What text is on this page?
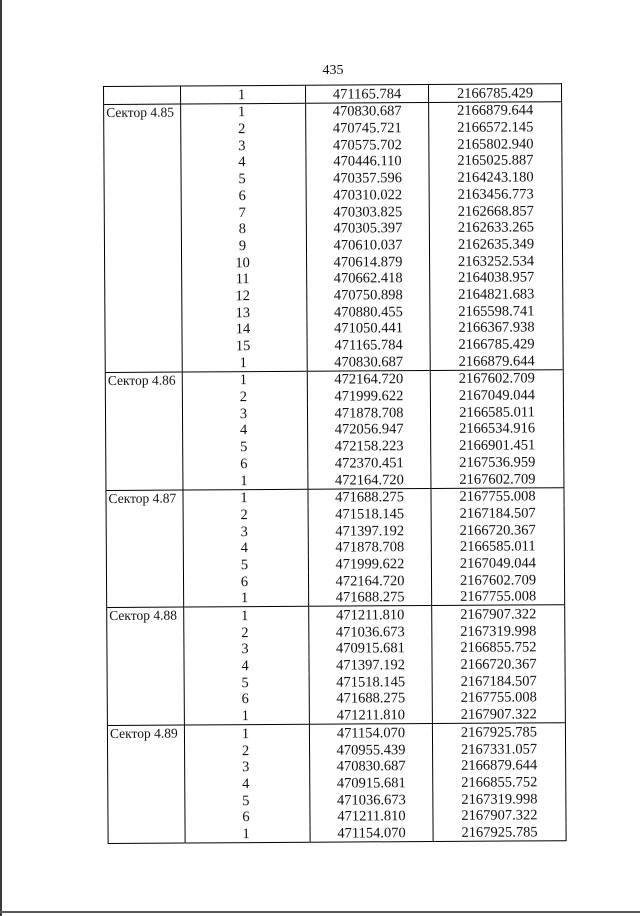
435
	1	471165.784	2166785.429
Сектор 4.85	1	470830.687	2166879.644
	2	470745.721	2166572.145
	3	470575.702	2165802.940
	4	470446.110	2165025.887
	5	470357.596	2164243.180
	6	470310.022	2163456.773
	7	470303.825	2162668.857
	8	470305.397	2162633.265
	9	470610.037	2162635.349
	10	470614.879	2163252.534
	11	470662.418	2164038.957
	12	470750.898	2164821.683
	13	470880.455	2165598.741
	14	471050.441	2166367.938
	15	471165.784	2166785.429
	1	470830.687	2166879.644
Сектор 4.86	1	472164.720	2167602.709
	2	471999.622	2167049.044
	3	471878.708	2166585.011
	4	472056.947	2166534.916
	5	472158.223	2166901.451
	6	472370.451	2167536.959
	1	472164.720	2167602.709
Сектор 4.87	1	471688.275	2167755.008
	2	471518.145	2167184.507
	3	471397.192	2166720.367
	4	471878.708	2166585.011
	5	471999.622	2167049.044
	6	472164.720	2167602.709
	1	471688.275	2167755.008
Сектор 4.88	1	471211.810	2167907.322
	2	471036.673	2167319.998
	3	470915.681	2166855.752
	4	471397.192	2166720.367
	5	471518.145	2167184.507
	6	471688.275	2167755.008
	1	471211.810	2167907.322
Сектор 4.89	1	471154.070	2167925.785
	2	470955.439	2167331.057
	3	470830.687	2166879.644
	4	470915.681	2166855.752
	5	471036.673	2167319.998
	6	471211.810	2167907.322
	1	471154.070	2167925.785
